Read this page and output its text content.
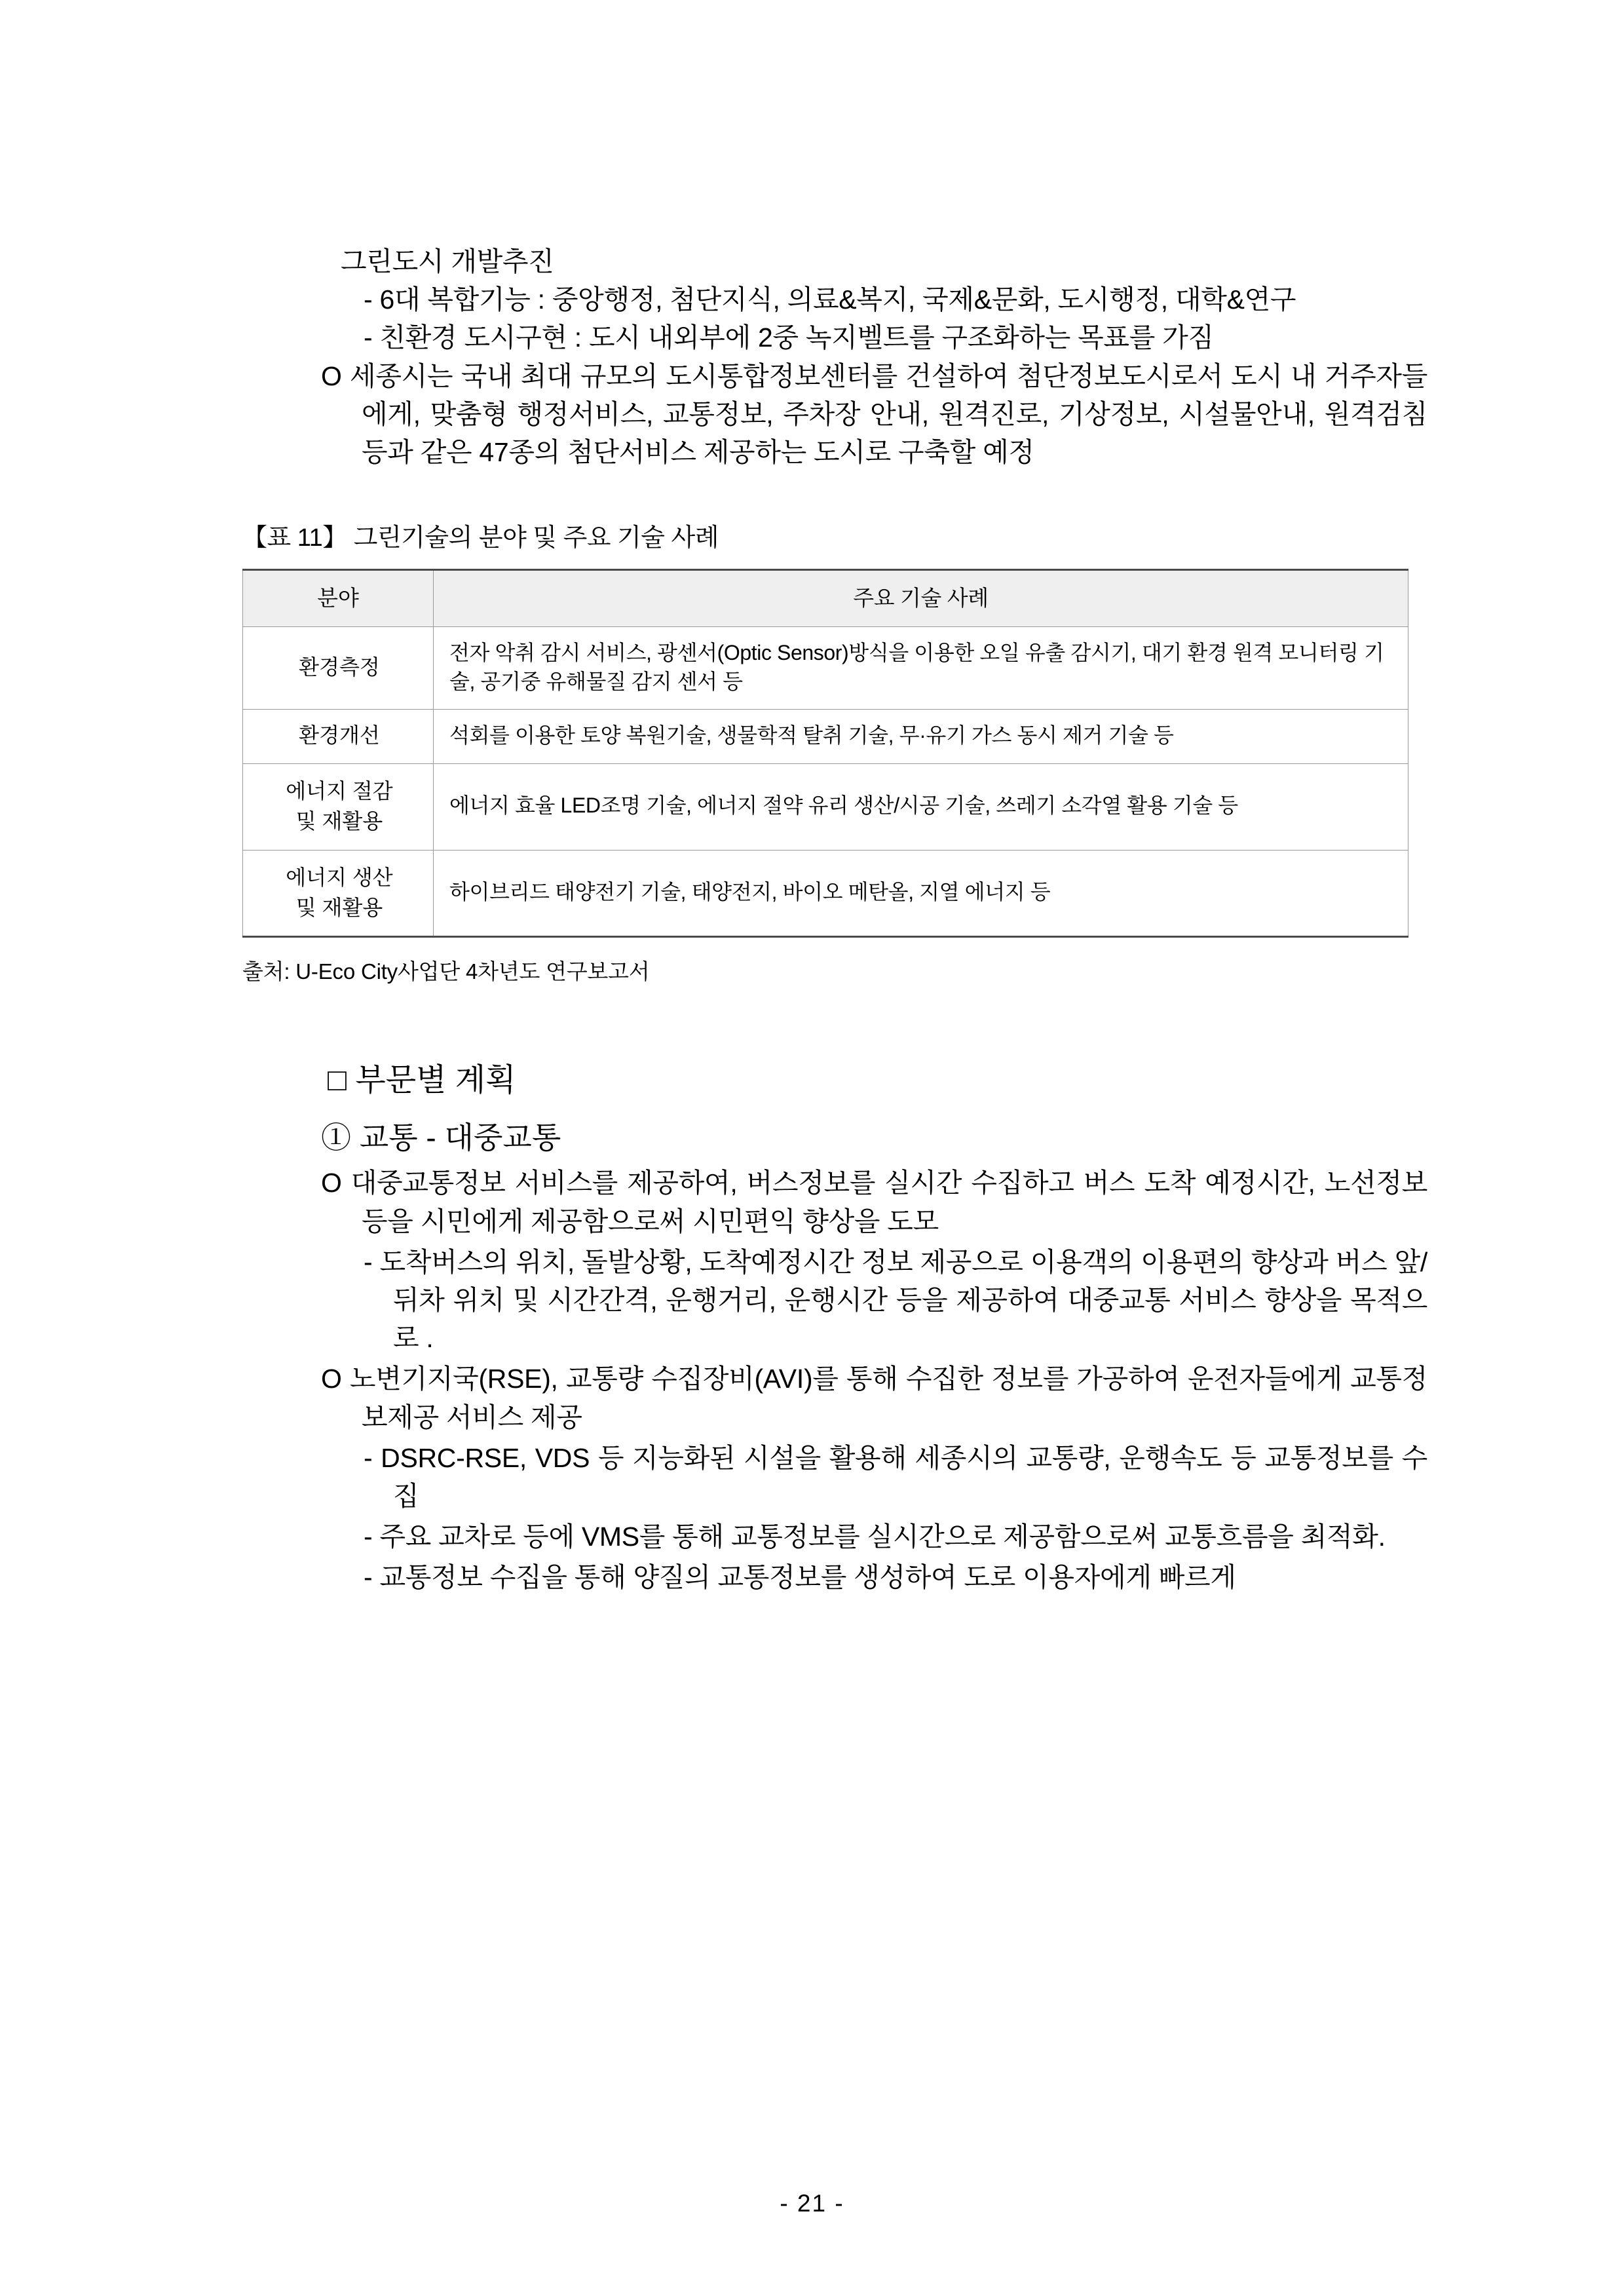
그린도시 개발추진
- 6대 복합기능 : 중앙행정, 첨단지식, 의료&복지, 국제&문화, 도시행정, 대학&연구
- 친환경 도시구현 : 도시 내외부에 2중 녹지벨트를 구조화하는 목표를 가짐
О 세종시는 국내 최대 규모의 도시통합정보센터를 건설하여 첨단정보도시로서 도시 내 거주자들에게, 맞춤형 행정서비스, 교통정보, 주차장 안내, 원격진로, 기상정보, 시설물안내, 원격검침등과 같은 47종의 첨단서비스 제공하는 도시로 구축할 예정
【표 11】 그린기술의 분야 및 주요 기술 사례
분야	주요 기술 사례
환경측정	전자 악취 감시 서비스, 광센서(Optic Sensor)방식을 이용한 오일 유출 감시기, 대기 환경 원격 모니터링 기술, 공기중 유해물질 감지 센서 등
환경개선	석회를 이용한 토양 복원기술, 생물학적 탈취 기술, 무·유기 가스 동시 제거 기술 등
에너지 절감
및 재활용	에너지 효율 LED조명 기술, 에너지 절약 유리 생산/시공 기술, 쓰레기 소각열 활용 기술 등
에너지 생산
및 재활용	하이브리드 태양전기 기술, 태양전지, 바이오 메탄올, 지열 에너지 등
출처: U-Eco City사업단 4차년도 연구보고서
□ 부문별 계획
① 교통 - 대중교통
О 대중교통정보 서비스를 제공하여, 버스정보를 실시간 수집하고 버스 도착 예정시간, 노선정보 등을 시민에게 제공함으로써 시민편익 향상을 도모
- 도착버스의 위치, 돌발상황, 도착예정시간 정보 제공으로 이용객의 이용편의 향상과 버스 앞/뒤차 위치 및 시간간격, 운행거리, 운행시간 등을 제공하여 대중교통 서비스 향상을 목적으로 .
О 노변기지국(RSE), 교통량 수집장비(AVI)를 통해 수집한 정보를 가공하여 운전자들에게 교통정보제공 서비스 제공
- DSRC-RSE, VDS 등 지능화된 시설을 활용해 세종시의 교통량, 운행속도 등 교통정보를 수집
- 주요 교차로 등에 VMS를 통해 교통정보를 실시간으로 제공함으로써 교통흐름을 최적화.
- 교통정보 수집을 통해 양질의 교통정보를 생성하여 도로 이용자에게 빠르게
- 21 -
